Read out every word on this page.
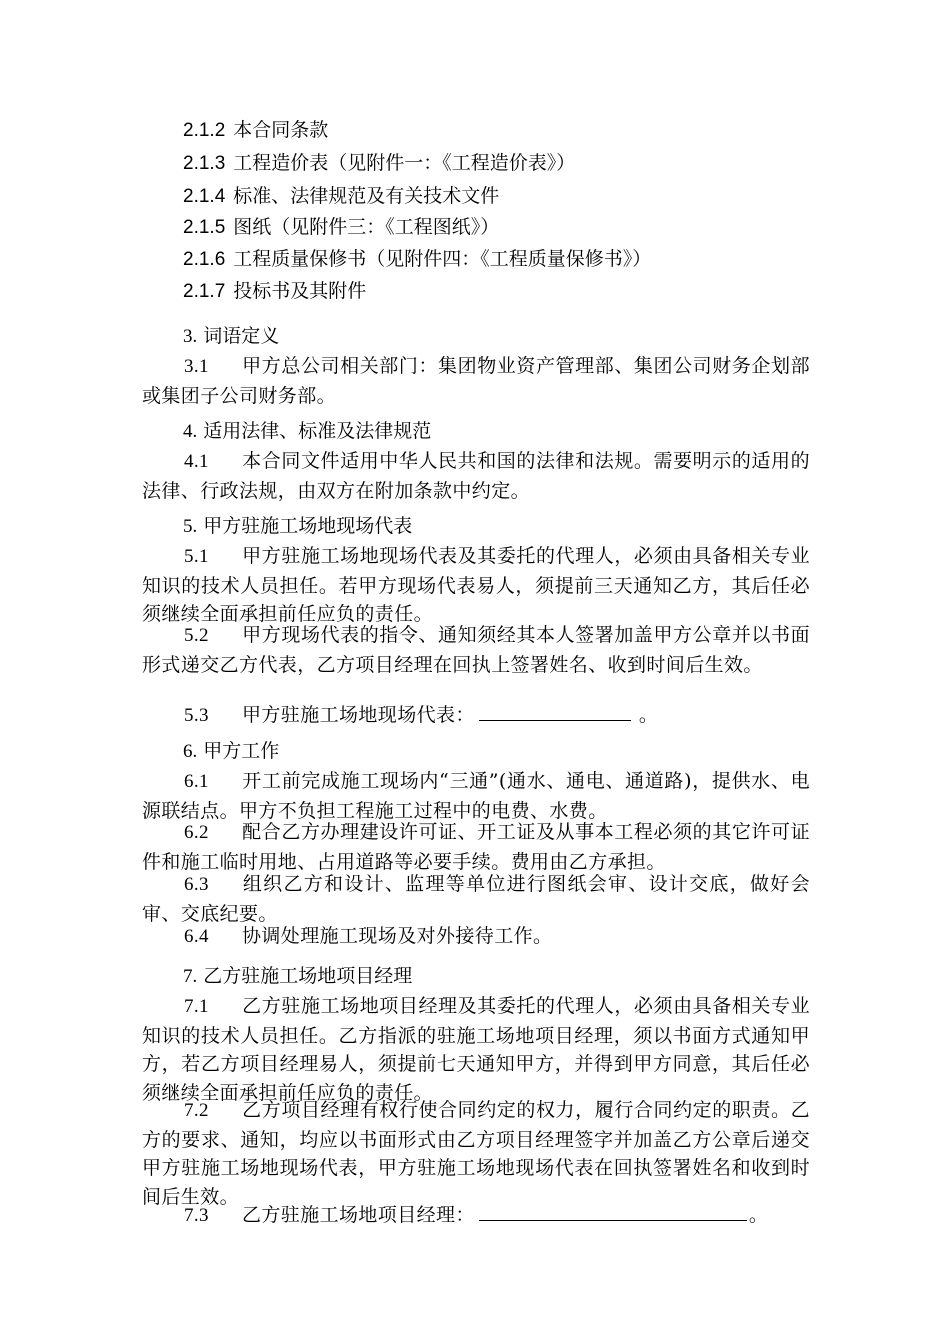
2.1.2 本合同条款
2.1.3 工程造价表（见附件一：《工程造价表》）
2.1.4 标准、法律规范及有关技术文件
2.1.5 图纸（见附件三：《工程图纸》）
2.1.6 工程质量保修书（见附件四：《工程质量保修书》）
2.1.7 投标书及其附件
3. 词语定义
3.1 甲方总公司相关部门：集团物业资产管理部、集团公司财务企划部或集团子公司财务部。
4. 适用法律、标准及法律规范
4.1 本合同文件适用中华人民共和国的法律和法规。需要明示的适用的法律、行政法规，由双方在附加条款中约定。
5. 甲方驻施工场地现场代表
5.1 甲方驻施工场地现场代表及其委托的代理人，必须由具备相关专业知识的技术人员担任。若甲方现场代表易人，须提前三天通知乙方，其后任必须继续全面承担前任应负的责任。
5.2 甲方现场代表的指令、通知须经其本人签署加盖甲方公章并以书面形式递交乙方代表，乙方项目经理在回执上签署姓名、收到时间后生效。
5.3 甲方驻施工场地现场代表：	。
6. 甲方工作
6.1 开工前完成施工现场内“三通”(通水、通电、通道路)，提供水、电源联结点。甲方不负担工程施工过程中的电费、水费。
6.2 配合乙方办理建设许可证、开工证及从事本工程必须的其它许可证件和施工临时用地、占用道路等必要手续。费用由乙方承担。
6.3 组织乙方和设计、监理等单位进行图纸会审、设计交底，做好会审、交底纪要。
6.4 协调处理施工现场及对外接待工作。
7. 乙方驻施工场地项目经理
7.1 乙方驻施工场地项目经理及其委托的代理人，必须由具备相关专业知识的技术人员担任。乙方指派的驻施工场地项目经理，须以书面方式通知甲方，若乙方项目经理易人，须提前七天通知甲方，并得到甲方同意，其后任必须继续全面承担前任应负的责任。
7.2 乙方项目经理有权行使合同约定的权力，履行合同约定的职责。乙方的要求、通知，均应以书面形式由乙方项目经理签字并加盖乙方公章后递交甲方驻施工场地现场代表，甲方驻施工场地现场代表在回执签署姓名和收到时间后生效。
7.3 乙方驻施工场地项目经理：	。
